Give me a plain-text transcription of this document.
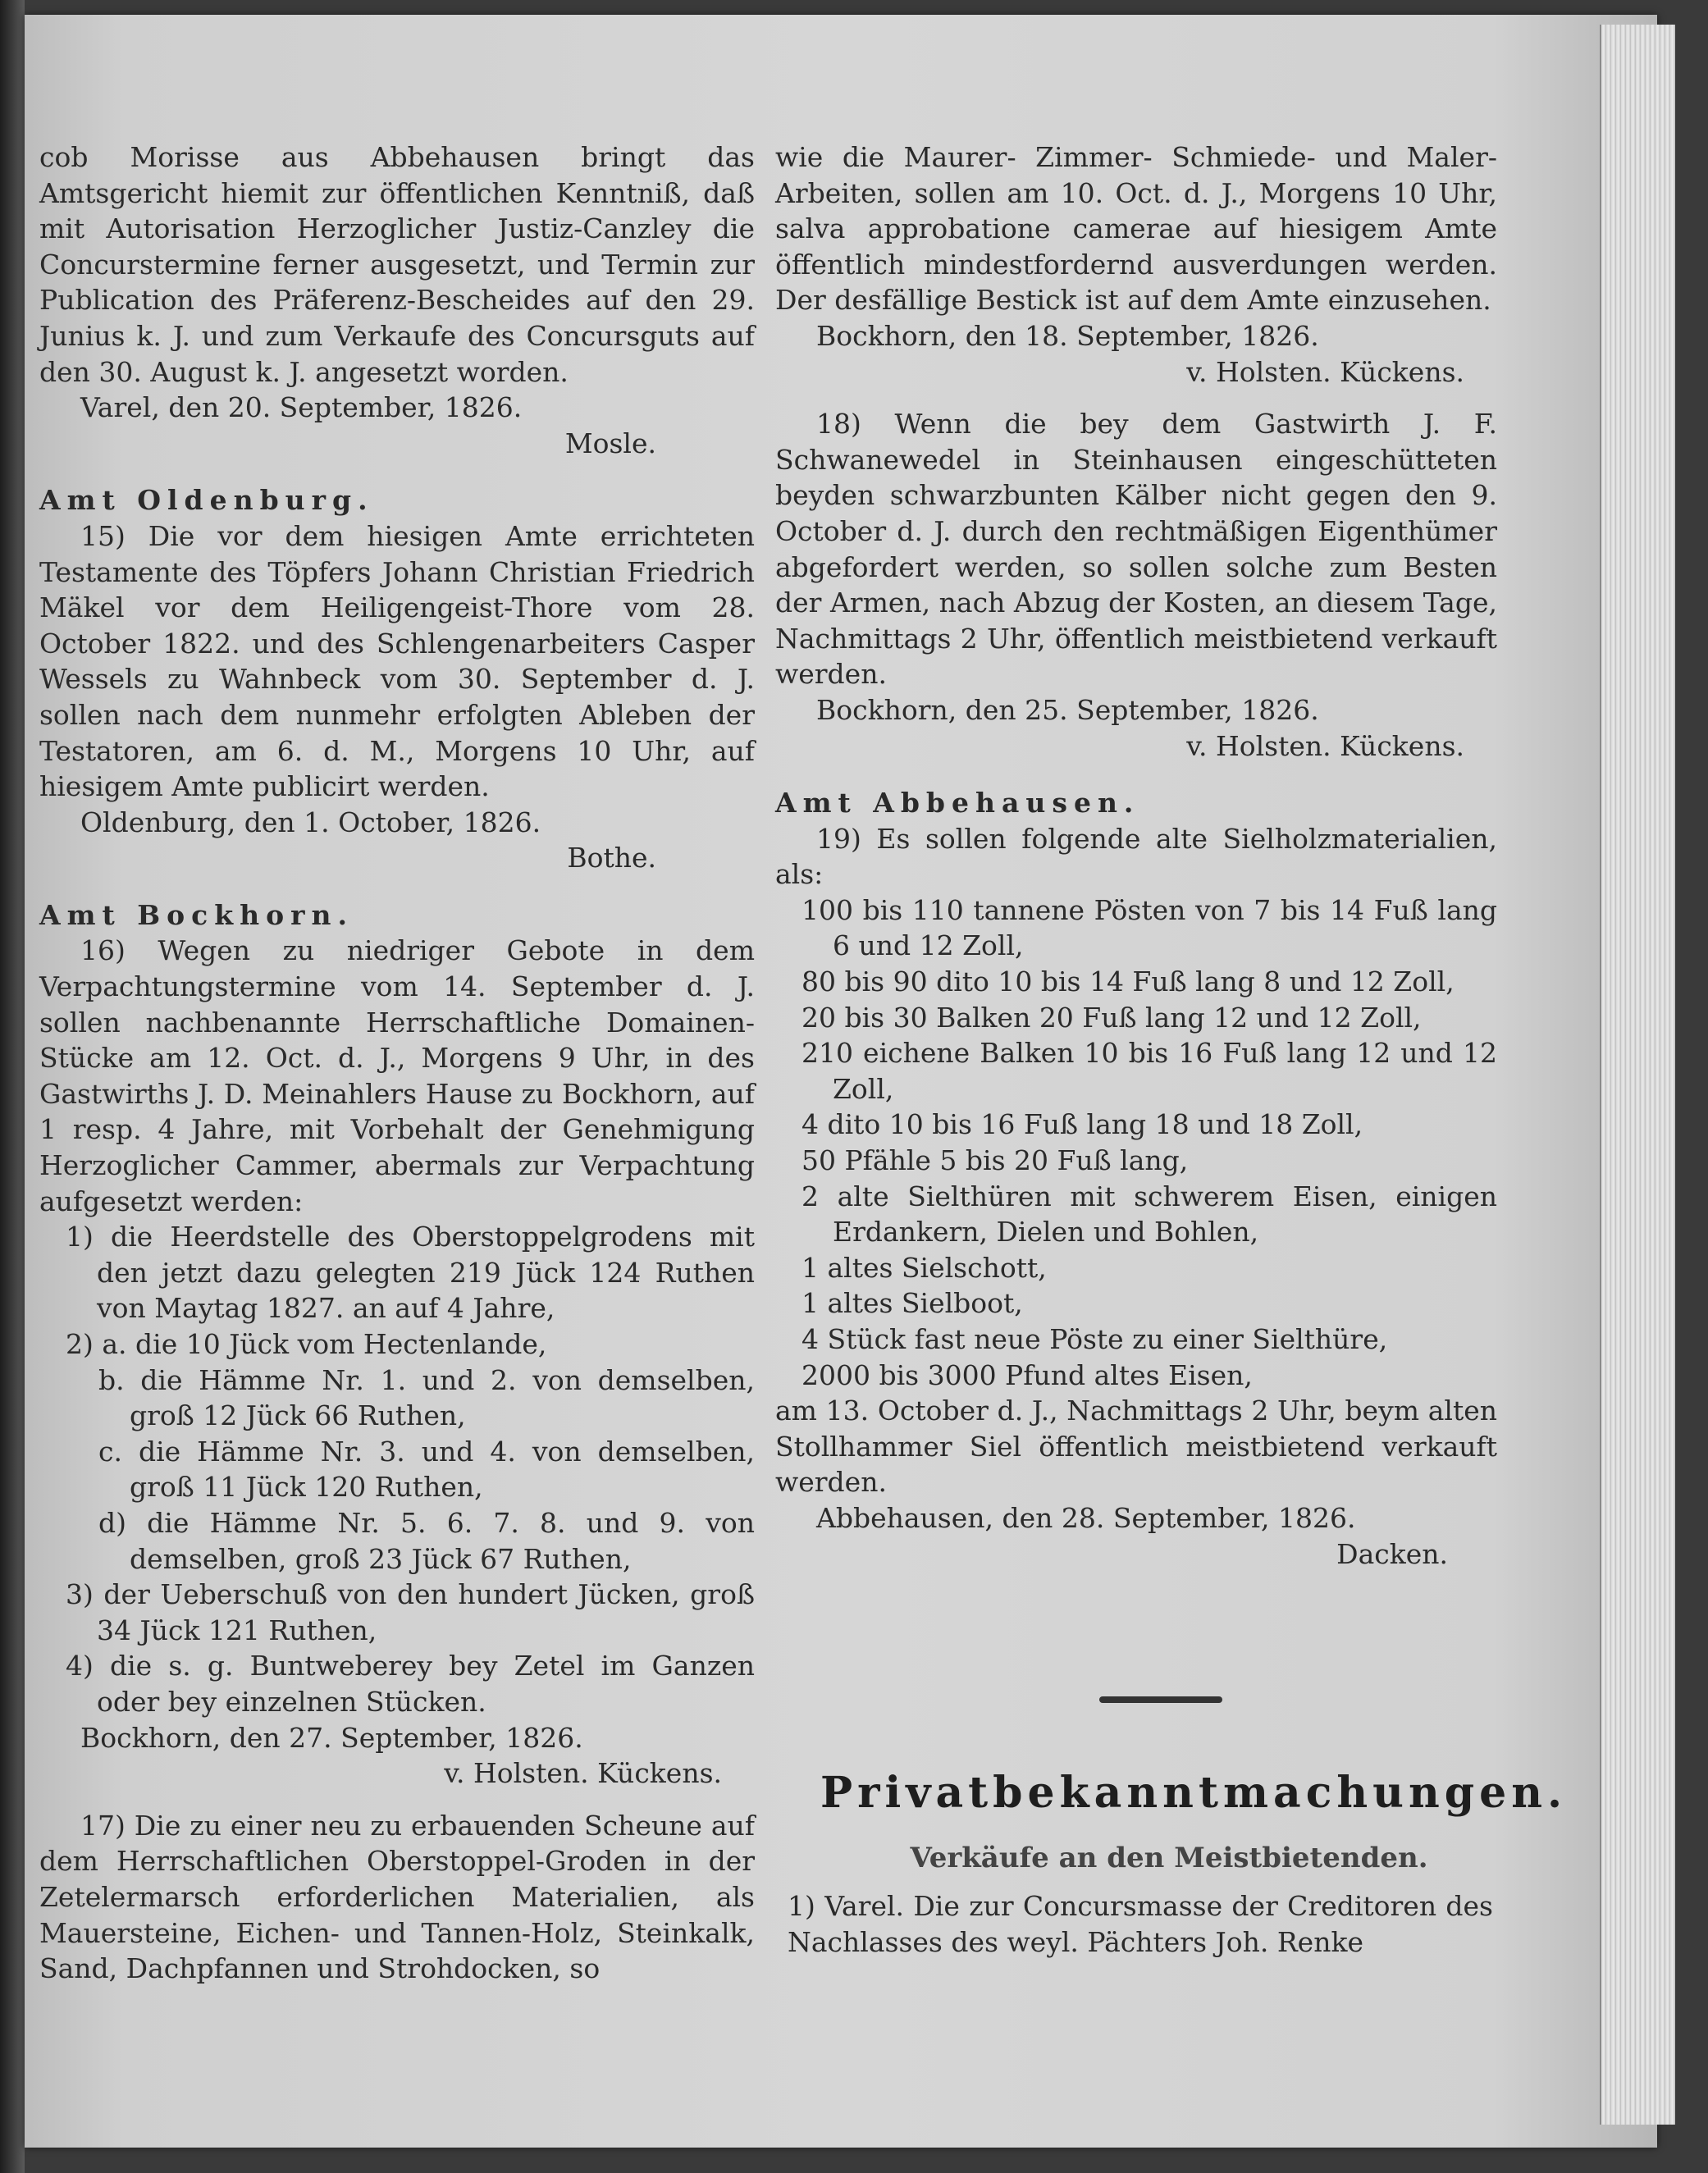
cob Morisse aus Abbehausen bringt das Amtsgericht hiemit zur öffentlichen Kenntniß, daß mit Autorisation Herzoglicher Justiz-Canzley die Concurstermine ferner ausgesetzt, und Termin zur Publication des Präferenz-Bescheides auf den 29. Junius k. J. und zum Verkaufe des Concursguts auf den 30. August k. J. angesetzt worden.

Varel, den 20. September, 1826.

Mosle.

Amt Oldenburg.

15) Die vor dem hiesigen Amte errichteten Testamente des Töpfers Johann Christian Friedrich Mäkel vor dem Heiligengeist-Thore vom 28. October 1822. und des Schlengenarbeiters Casper Wessels zu Wahnbeck vom 30. September d. J. sollen nach dem nunmehr erfolgten Ableben der Testatoren, am 6. d. M., Morgens 10 Uhr, auf hiesigem Amte publicirt werden.

Oldenburg, den 1. October, 1826.

Bothe.

Amt Bockhorn.

16) Wegen zu niedriger Gebote in dem Verpachtungstermine vom 14. September d. J. sollen nachbenannte Herrschaftliche Domainen-Stücke am 12. Oct. d. J., Morgens 9 Uhr, in des Gastwirths J. D. Meinahlers Hause zu Bockhorn, auf 1 resp. 4 Jahre, mit Vorbehalt der Genehmigung Herzoglicher Cammer, abermals zur Verpachtung aufgesetzt werden:

1) die Heerdstelle des Oberstoppelgrodens mit den jetzt dazu gelegten 219 Jück 124 Ruthen von Maytag 1827. an auf 4 Jahre,

2) a. die 10 Jück vom Hectenlande,

b. die Hämme Nr. 1. und 2. von demselben, groß 12 Jück 66 Ruthen,

c. die Hämme Nr. 3. und 4. von demselben, groß 11 Jück 120 Ruthen,

d) die Hämme Nr. 5. 6. 7. 8. und 9. von demselben, groß 23 Jück 67 Ruthen,

3) der Ueberschuß von den hundert Jücken, groß 34 Jück 121 Ruthen,

4) die s. g. Buntweberey bey Zetel im Ganzen oder bey einzelnen Stücken.

Bockhorn, den 27. September, 1826.

v. Holsten. Kückens.

17) Die zu einer neu zu erbauenden Scheune auf dem Herrschaftlichen Oberstoppel-Groden in der Zetelermarsch erforderlichen Materialien, als Mauersteine, Eichen- und Tannen-Holz, Steinkalk, Sand, Dachpfannen und Strohdocken, so

wie die Maurer- Zimmer- Schmiede- und Maler-Arbeiten, sollen am 10. Oct. d. J., Morgens 10 Uhr, salva approbatione camerae auf hiesigem Amte öffentlich mindestfordernd ausverdungen werden. Der desfällige Bestick ist auf dem Amte einzusehen.

Bockhorn, den 18. September, 1826.

v. Holsten. Kückens.

18) Wenn die bey dem Gastwirth J. F. Schwanewedel in Steinhausen eingeschütteten beyden schwarzbunten Kälber nicht gegen den 9. October d. J. durch den rechtmäßigen Eigenthümer abgefordert werden, so sollen solche zum Besten der Armen, nach Abzug der Kosten, an diesem Tage, Nachmittags 2 Uhr, öffentlich meistbietend verkauft werden.

Bockhorn, den 25. September, 1826.

v. Holsten. Kückens.

Amt Abbehausen.

19) Es sollen folgende alte Sielholzmaterialien, als:

100 bis 110 tannene Pösten von 7 bis 14 Fuß lang 6 und 12 Zoll,

80 bis 90 dito 10 bis 14 Fuß lang 8 und 12 Zoll,

20 bis 30 Balken 20 Fuß lang 12 und 12 Zoll,

210 eichene Balken 10 bis 16 Fuß lang 12 und 12 Zoll,

4 dito 10 bis 16 Fuß lang 18 und 18 Zoll,

50 Pfähle 5 bis 20 Fuß lang,

2 alte Sielthüren mit schwerem Eisen, einigen Erdankern, Dielen und Bohlen,

1 altes Sielschott,

1 altes Sielboot,

4 Stück fast neue Pöste zu einer Sielthüre,

2000 bis 3000 Pfund altes Eisen,

am 13. October d. J., Nachmittags 2 Uhr, beym alten Stollhammer Siel öffentlich meistbietend verkauft werden.

Abbehausen, den 28. September, 1826.

Dacken.

Privatbekanntmachungen.
Verkäufe an den Meistbietenden.
1) Varel. Die zur Concursmasse der Creditoren des Nachlasses des weyl. Pächters Joh. Renke
